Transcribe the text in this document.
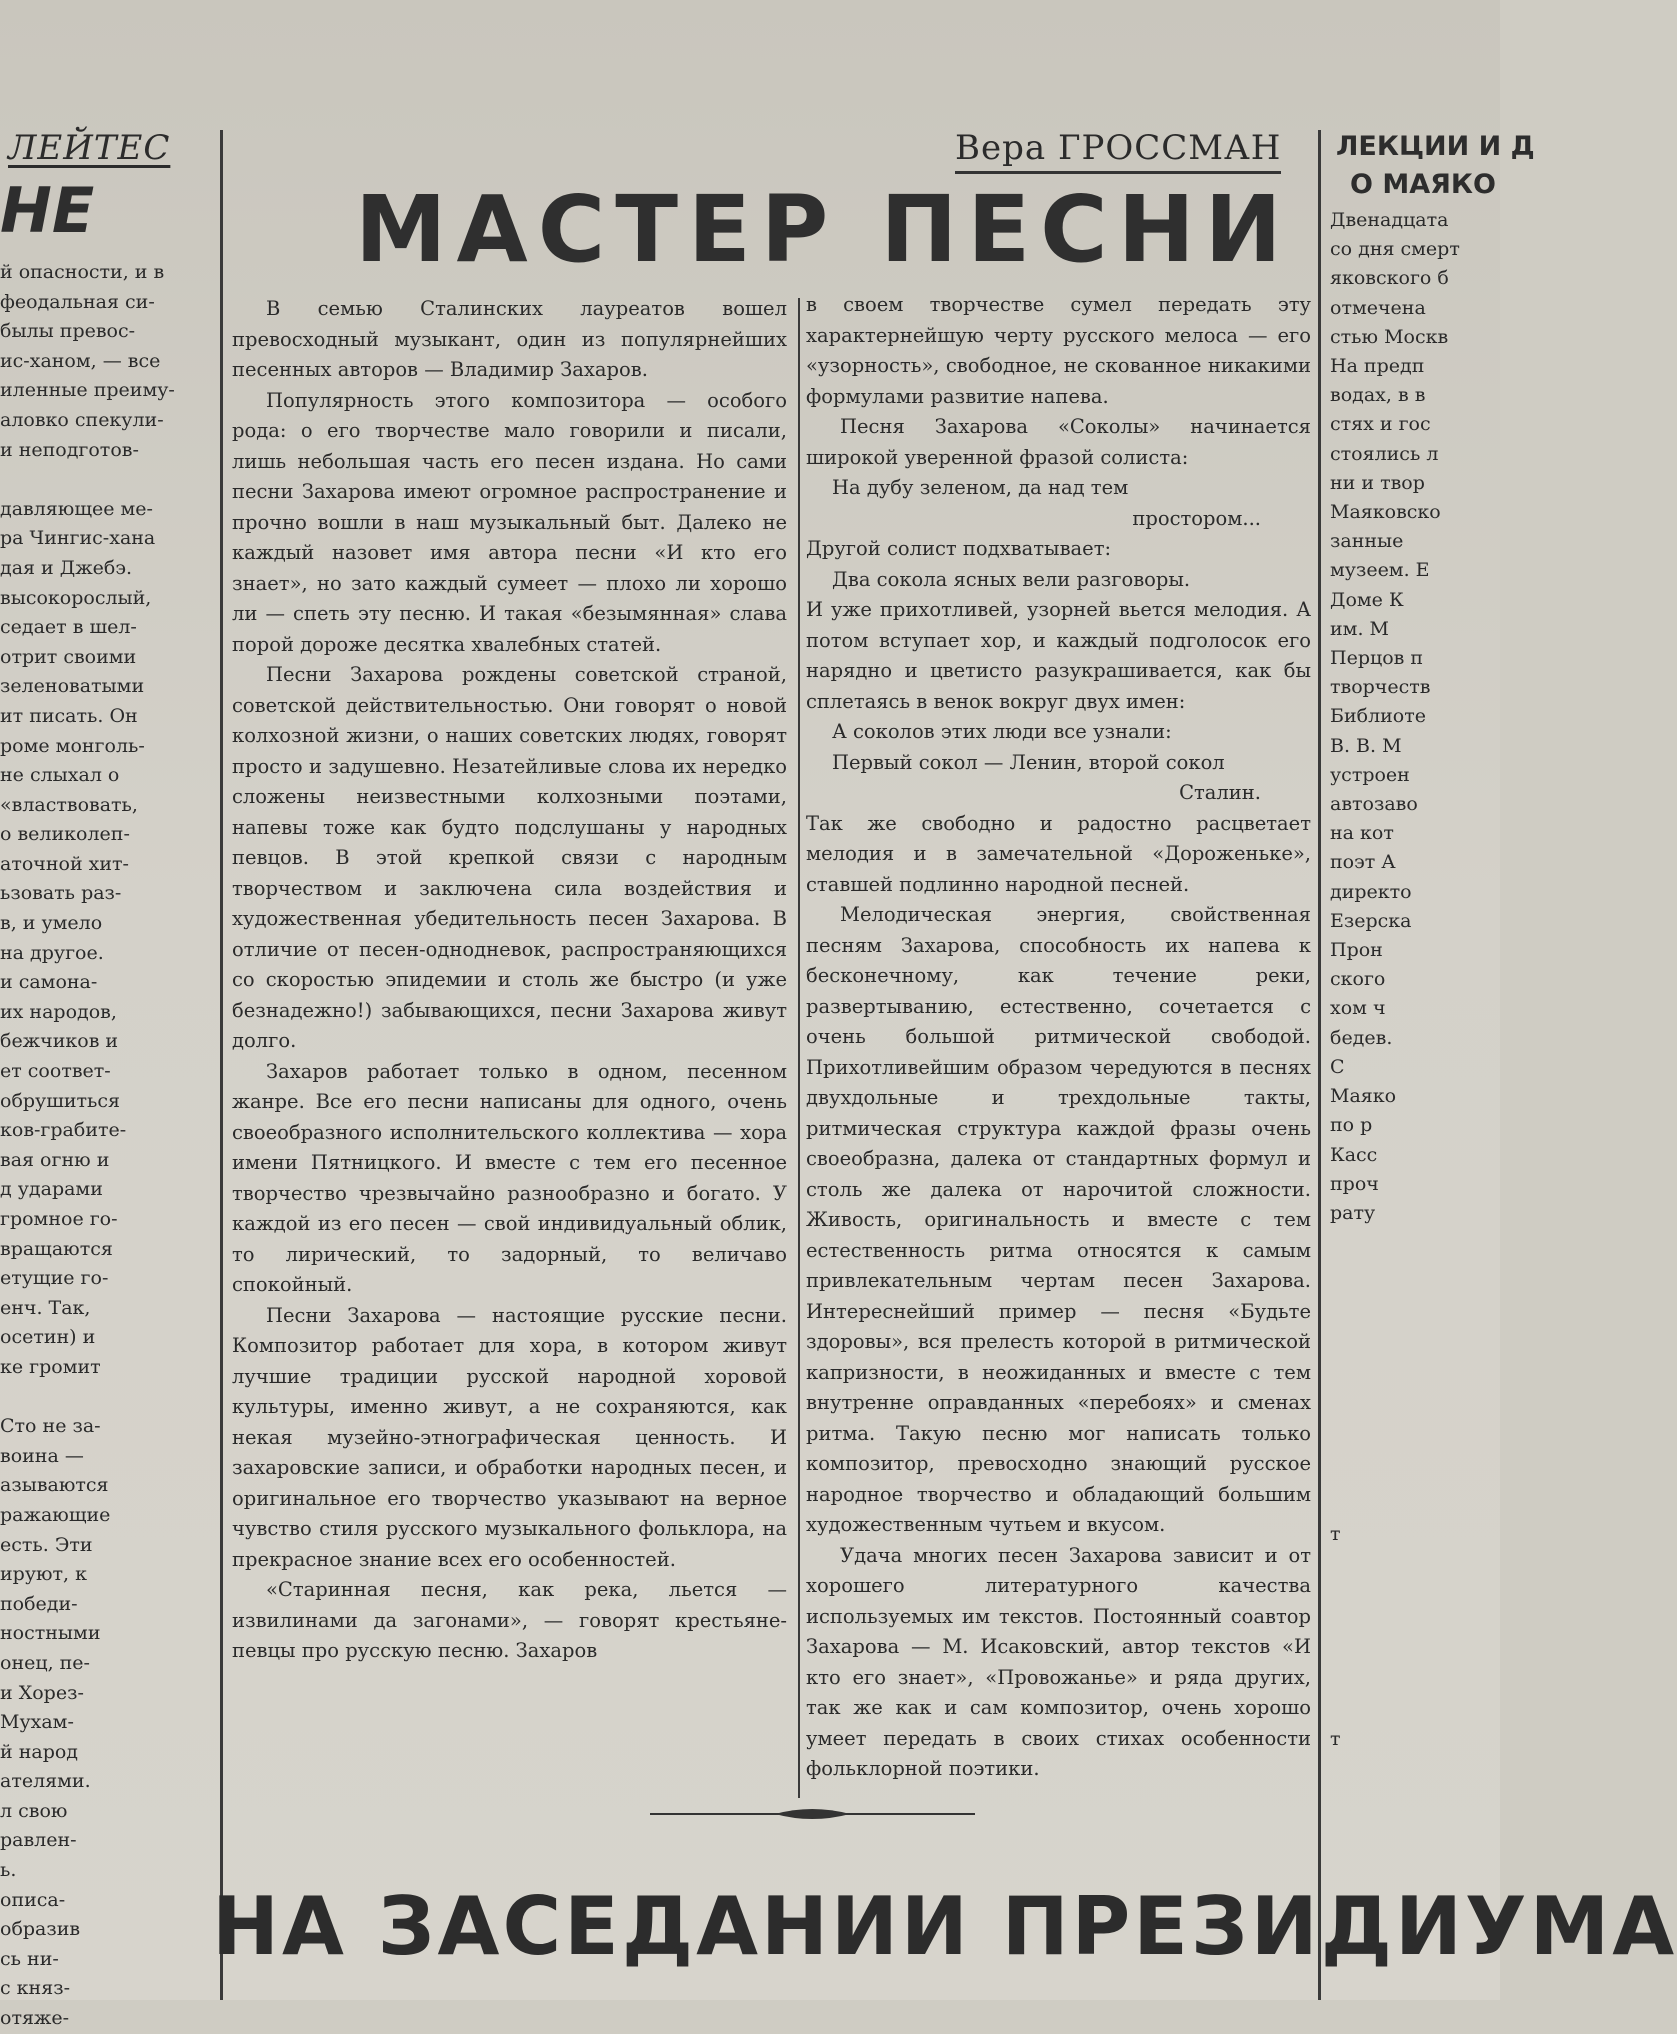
ЛЕЙТЕС
НЕ
й опасности, и в
феодальная си-
былы превос-
ис-ханом, — все
иленные преиму-
аловко спекули-
и неподготов-

давляющее ме-
ра Чингис-хана
дая и Джебэ.
высокорослый,
седает в шел-
отрит своими
зеленоватыми
ит писать. Он
роме монголь-
не слыхал о
«властвовать,
о великолеп-
аточной хит-
ьзовать раз-
в, и умело
на другое.
и самона-
их народов,
бежчиков и
ет соответ-
обрушиться
ков-грабите-
вая огню и
д ударами
громное го-
вращаются
етущие го-
енч. Так,
осетин) и
ке громит

Сто не за-
воина —
азываются
ражающие
есть. Эти
ируют, к
победи-
ностными
онец, пе-
и Хорез-
Мухам-
й народ
ателями.
л свою
равлен-
ь.
описа-
образив
сь ни-
с княз-
отяже-
Вера ГРОССМАН
МАСТЕР ПЕСНИ

В семью Сталинских лауреатов вошел превосходный музыкант, один из популярнейших песенных авторов — Владимир Захаров.

Популярность этого композитора — особого рода: о его творчестве мало говорили и писали, лишь небольшая часть его песен издана. Но сами песни Захарова имеют огромное распространение и прочно вошли в наш музыкальный быт. Далеко не каждый назовет имя автора песни «И кто его знает», но зато каждый сумеет — плохо ли хорошо ли — спеть эту песню. И такая «безымянная» слава порой дороже десятка хвалебных статей.

Песни Захарова рождены советской страной, советской действительностью. Они говорят о новой колхозной жизни, о наших советских людях, говорят просто и задушевно. Незатейливые слова их нередко сложены неизвестными колхозными поэтами, напевы тоже как будто подслушаны у народных певцов. В этой крепкой связи с народным творчеством и заключена сила воздействия и художественная убедительность песен Захарова. В отличие от песен-однодневок, распространяющихся со скоростью эпидемии и столь же быстро (и уже безнадежно!) забывающихся, песни Захарова живут долго.

Захаров работает только в одном, песенном жанре. Все его песни написаны для одного, очень своеобразного исполнительского коллектива — хора имени Пятницкого. И вместе с тем его песенное творчество чрезвычайно разнообразно и богато. У каждой из его песен — свой индивидуальный облик, то лирический, то задорный, то величаво спокойный.

Песни Захарова — настоящие русские песни. Композитор работает для хора, в котором живут лучшие традиции русской народной хоровой культуры, именно живут, а не сохраняются, как некая музейно-этнографическая ценность. И захаровские записи, и обработки народных песен, и оригинальное его творчество указывают на верное чувство стиля русского музыкального фольклора, на прекрасное знание всех его особенностей.

«Старинная песня, как река, льется — извилинами да загонами», — говорят крестьяне-певцы про русскую песню. Захаров

в своем творчестве сумел передать эту характернейшую черту русского мелоса — его «узорность», свободное, не скованное никакими формулами развитие напева.

Песня Захарова «Соколы» начинается широкой уверенной фразой солиста:

На дубу зеленом, да над тем

простором...

Другой солист подхватывает:

Два сокола ясных вели разговоры.

И уже прихотливей, узорней вьется мелодия. А потом вступает хор, и каждый подголосок его нарядно и цветисто разукрашивается, как бы сплетаясь в венок вокруг двух имен:

А соколов этих люди все узнали:

Первый сокол — Ленин, второй сокол

Сталин.

Так же свободно и радостно расцветает мелодия и в замечательной «Дороженьке», ставшей подлинно народной песней.

Мелодическая энергия, свойственная песням Захарова, способность их напева к бесконечному, как течение реки, развертыванию, естественно, сочетается с очень большой ритмической свободой. Прихотливейшим образом чередуются в песнях двухдольные и трехдольные такты, ритмическая структура каждой фразы очень своеобразна, далека от стандартных формул и столь же далека от нарочитой сложности. Живость, оригинальность и вместе с тем естественность ритма относятся к самым привлекательным чертам песен Захарова. Интереснейший пример — песня «Будьте здоровы», вся прелесть которой в ритмической капризности, в неожиданных и вместе с тем внутренне оправданных «перебоях» и сменах ритма. Такую песню мог написать только композитор, превосходно знающий русское народное творчество и обладающий большим художественным чутьем и вкусом.

Удача многих песен Захарова зависит и от хорошего литературного качества используемых им текстов. Постоянный соавтор Захарова — М. Исаковский, автор текстов «И кто его знает», «Провожанье» и ряда других, так же как и сам композитор, очень хорошо умеет передать в своих стихах особенности фольклорной поэтики.

ЛЕКЦИИ И Д
О МАЯКО
Двенадцата
со дня смерт
яковского б
отмечена
стью Москв
На предп
водах, в в
стях и гос
стоялись л
ни и твор
Маяковско
занные
музеем. Е
Доме К
им. М
Перцов п
творчеств
Библиоте
В. В. М
устроен
автозаво
на кот
поэт А
директо
Езерска
Прон
ского
хом ч
бедев.
С
Маяко
по р
Касс
проч
рату

т

т
НА ЗАСЕДАНИИ ПРЕЗИДИУМА
